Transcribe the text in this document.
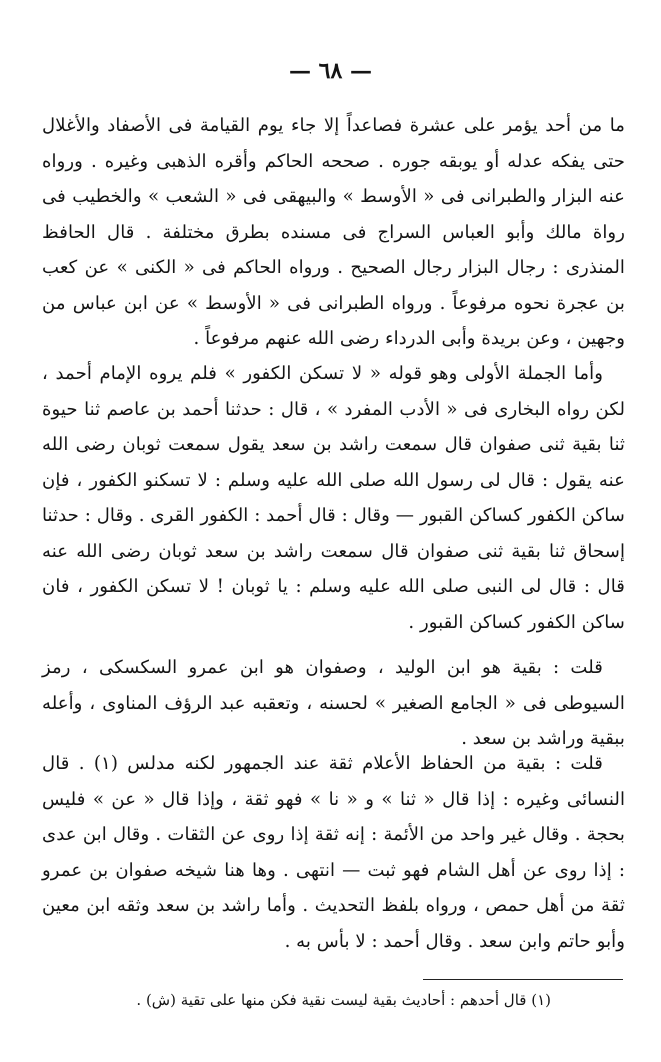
— ٦٨ —

ما من أحد يؤمر على عشرة فصاعداً إلا جاء يوم القيامة فى الأصفاد والأغلال حتى يفكه عدله أو يوبقه جوره . صححه الحاكم وأقره الذهبى وغيره . ورواه عنه البزار والطبرانى فى « الأوسط » والبيهقى فى « الشعب » والخطيب فى رواة مالك وأبو العباس السراج فى مسنده بطرق مختلفة . قال الحافظ المنذرى : رجال البزار رجال الصحيح . ورواه الحاكم فى « الكنى » عن كعب بن عجرة نحوه مرفوعاً . ورواه الطبرانى فى « الأوسط » عن ابن عباس من وجهين ، وعن بريدة وأبى الدرداء رضى الله عنهم مرفوعاً .

وأما الجملة الأولى وهو قوله « لا تسكن الكفور » فلم يروه الإمام أحمد ، لكن رواه البخارى فى « الأدب المفرد » ، قال : حدثنا أحمد بن عاصم ثنا حيوة ثنا بقية ثنى صفوان قال سمعت راشد بن سعد يقول سمعت ثوبان رضى الله عنه يقول : قال لى رسول الله صلى الله عليه وسلم : لا تسكنو الكفور ، فإن ساكن الكفور كساكن القبور — وقال : قال أحمد : الكفور القرى . وقال : حدثنا إسحاق ثنا بقية ثنى صفوان قال سمعت راشد بن سعد ثوبان رضى الله عنه قال : قال لى النبى صلى الله عليه وسلم : يا ثوبان ! لا تسكن الكفور ، فان ساكن الكفور كساكن القبور .

قلت : بقية هو ابن الوليد ، وصفوان هو ابن عمرو السكسكى ، رمز السيوطى فى « الجامع الصغير » لحسنه ، وتعقبه عبد الرؤف المناوى ، وأعله ببقية وراشد بن سعد .

قلت : بقية من الحفاظ الأعلام ثقة عند الجمهور لكنه مدلس (١) . قال النسائى وغيره : إذا قال « ثنا » و « نا » فهو ثقة ، وإذا قال « عن » فليس بحجة . وقال غير واحد من الأئمة : إنه ثقة إذا روى عن الثقات . وقال ابن عدى : إذا روى عن أهل الشام فهو ثبت — انتهى . وها هنا شيخه صفوان بن عمرو ثقة من أهل حمص ، ورواه بلفظ التحديث . وأما راشد بن سعد وثقه ابن معين وأبو حاتم وابن سعد . وقال أحمد : لا بأس به .

(١) قال أحدهم : أحاديث بقية ليست نقية فكن منها على تقية (ش) .
